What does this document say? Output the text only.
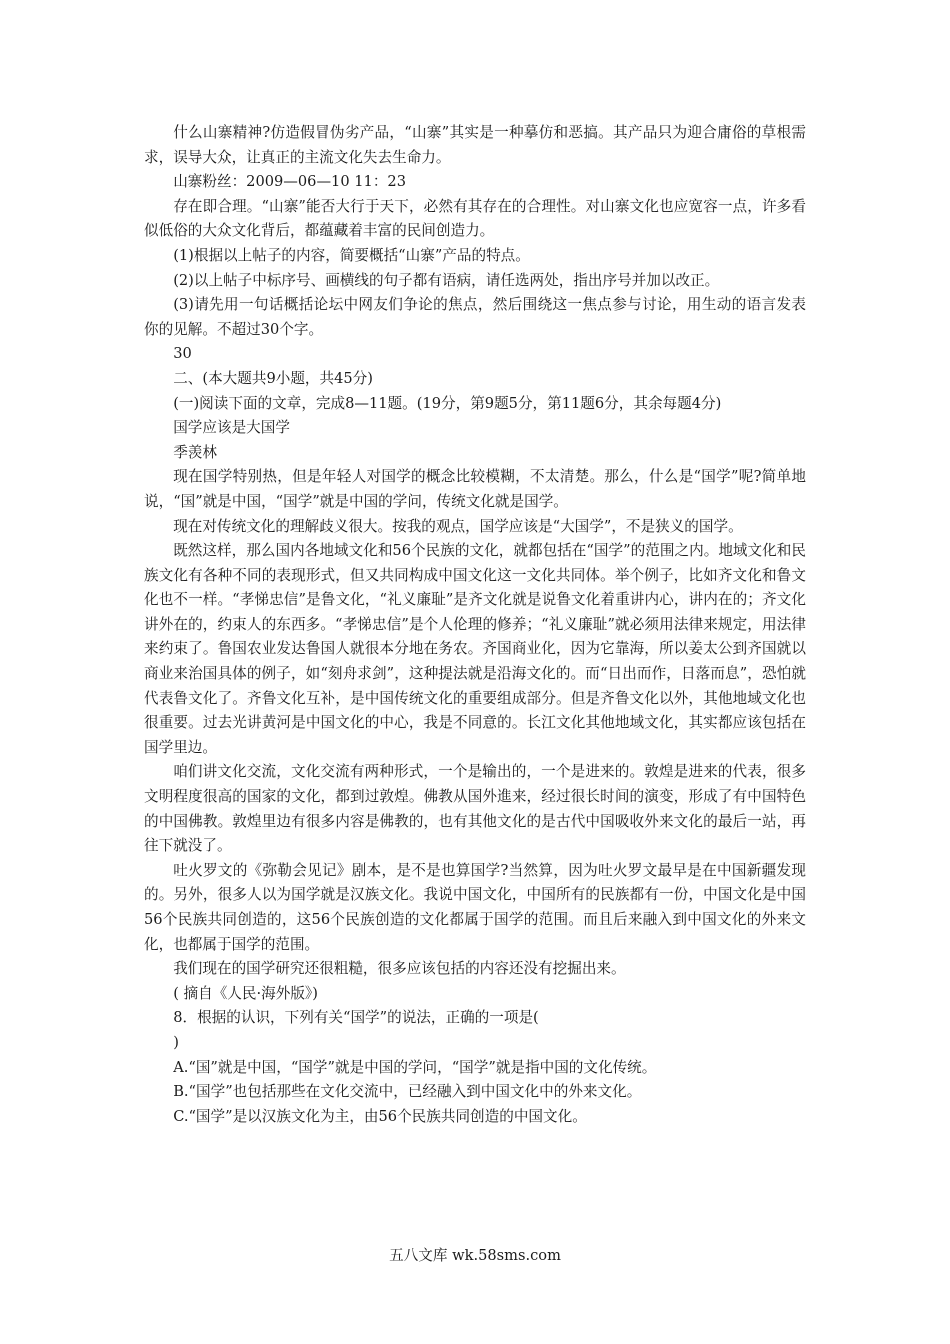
什么山寨精神?仿造假冒伪劣产品，“山寨”其实是一种摹仿和恶搞。其产品只为迎合庸俗的草根需求，误导大众，让真正的主流文化失去生命力。

山寨粉丝：2009—06—10 11：23

存在即合理。“山寨”能否大行于天下，必然有其存在的合理性。对山寨文化也应宽容一点，许多看似低俗的大众文化背后，都蕴藏着丰富的民间创造力。

(1)根据以上帖子的内容，简要概括“山寨”产品的特点。

(2)以上帖子中标序号、画横线的句子都有语病，请任选两处，指出序号并加以改正。

(3)请先用一句话概括论坛中网友们争论的焦点，然后围绕这一焦点参与讨论，用生动的语言发表你的见解。不超过30个字。

30

二、(本大题共9小题，共45分)

(一)阅读下面的文章，完成8—11题。(19分，第9题5分，第11题6分，其余每题4分)

国学应该是大国学

季羡林

现在国学特别热，但是年轻人对国学的概念比较模糊，不太清楚。那么，什么是“国学”呢?简单地说，“国”就是中国，“国学”就是中国的学问，传统文化就是国学。

现在对传统文化的理解歧义很大。按我的观点，国学应该是“大国学”，不是狭义的国学。

既然这样，那么国内各地域文化和56个民族的文化，就都包括在“国学”的范围之内。地域文化和民族文化有各种不同的表现形式，但又共同构成中国文化这一文化共同体。举个例子，比如齐文化和鲁文化也不一样。“孝悌忠信”是鲁文化，“礼义廉耻”是齐文化就是说鲁文化着重讲内心，讲内在的；齐文化讲外在的，约束人的东西多。“孝悌忠信”是个人伦理的修养；“礼义廉耻”就必须用法律来规定，用法律来约束了。鲁国农业发达鲁国人就很本分地在务农。齐国商业化，因为它靠海，所以姜太公到齐国就以商业来治国具体的例子，如“刻舟求剑”，这种提法就是沿海文化的。而“日出而作，日落而息”，恐怕就代表鲁文化了。齐鲁文化互补，是中国传统文化的重要组成部分。但是齐鲁文化以外，其他地域文化也很重要。过去光讲黄河是中国文化的中心，我是不同意的。长江文化其他地域文化，其实都应该包括在国学里边。

咱们讲文化交流，文化交流有两种形式，一个是输出的，一个是进来的。敦煌是进来的代表，很多文明程度很高的国家的文化，都到过敦煌。佛教从国外進来，经过很长时间的演变，形成了有中国特色的中国佛教。敦煌里边有很多内容是佛教的，也有其他文化的是古代中国吸收外来文化的最后一站，再往下就没了。

吐火罗文的《弥勒会见记》剧本，是不是也算国学?当然算，因为吐火罗文最早是在中国新疆发现的。另外，很多人以为国学就是汉族文化。我说中国文化，中国所有的民族都有一份，中国文化是中国56个民族共同创造的，这56个民族创造的文化都属于国学的范围。而且后来融入到中国文化的外来文化，也都属于国学的范围。

我们现在的国学研究还很粗糙，很多应该包括的内容还没有挖掘出来。

( 摘自《人民·海外版》)

8．根据的认识，下列有关“国学”的说法，正确的一项是(

)

A.“国”就是中国，“国学”就是中国的学问，“国学”就是指中国的文化传统。

B.“国学”也包括那些在文化交流中，已经融入到中国文化中的外来文化。

C.“国学”是以汉族文化为主，由56个民族共同创造的中国文化。

五八文库 wk.58sms.com
